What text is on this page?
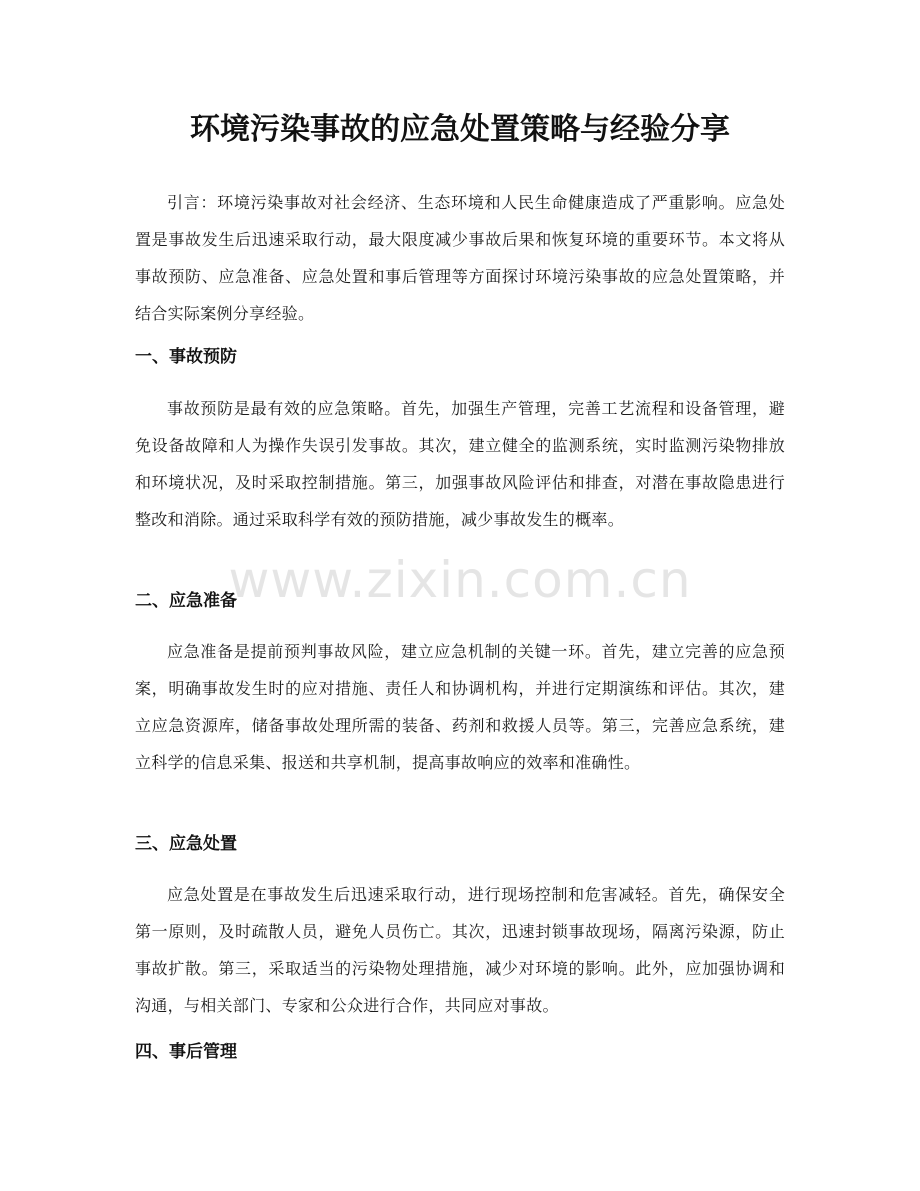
环境污染事故的应急处置策略与经验分享

引言：环境污染事故对社会经济、生态环境和人民生命健康造成了严重影响。应急处置是事故发生后迅速采取行动，最大限度减少事故后果和恢复环境的重要环节。本文将从事故预防、应急准备、应急处置和事后管理等方面探讨环境污染事故的应急处置策略，并结合实际案例分享经验。

一、事故预防

事故预防是最有效的应急策略。首先，加强生产管理，完善工艺流程和设备管理，避免设备故障和人为操作失误引发事故。其次，建立健全的监测系统，实时监测污染物排放和环境状况，及时采取控制措施。第三，加强事故风险评估和排查，对潜在事故隐患进行整改和消除。通过采取科学有效的预防措施，减少事故发生的概率。

二、应急准备

应急准备是提前预判事故风险，建立应急机制的关键一环。首先，建立完善的应急预案，明确事故发生时的应对措施、责任人和协调机构，并进行定期演练和评估。其次，建立应急资源库，储备事故处理所需的装备、药剂和救援人员等。第三，完善应急系统，建立科学的信息采集、报送和共享机制，提高事故响应的效率和准确性。

三、应急处置

应急处置是在事故发生后迅速采取行动，进行现场控制和危害减轻。首先，确保安全第一原则，及时疏散人员，避免人员伤亡。其次，迅速封锁事故现场，隔离污染源，防止事故扩散。第三，采取适当的污染物处理措施，减少对环境的影响。此外，应加强协调和沟通，与相关部门、专家和公众进行合作，共同应对事故。

四、事后管理
www.zixin.com.cn
